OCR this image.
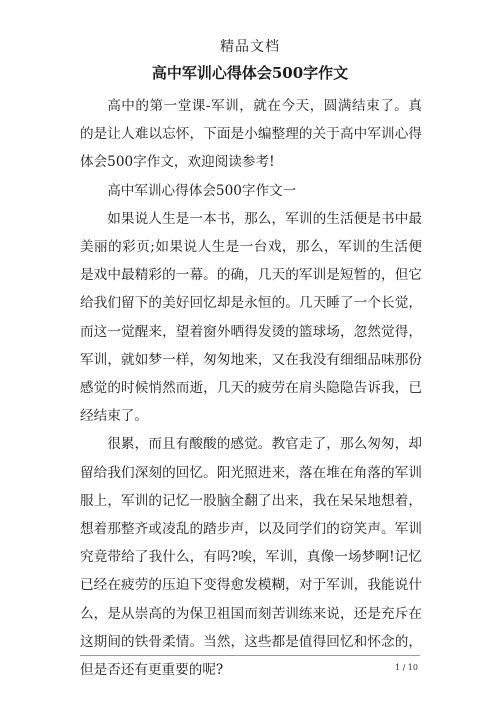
精品文档
高中军训心得体会500字作文

高中的第一堂课-军训，就在今天，圆满结束了。真的是让人难以忘怀，下面是小编整理的关于高中军训心得体会500字作文，欢迎阅读参考!

高中军训心得体会500字作文一

如果说人生是一本书，那么，军训的生活便是书中最美丽的彩页;如果说人生是一台戏，那么，军训的生活便是戏中最精彩的一幕。的确，几天的军训是短暂的，但它给我们留下的美好回忆却是永恒的。几天睡了一个长觉，而这一觉醒来，望着窗外晒得发烫的篮球场，忽然觉得，军训，就如梦一样，匆匆地来，又在我没有细细品味那份感觉的时候悄然而逝，几天的疲劳在肩头隐隐告诉我，已经结束了。

很累，而且有酸酸的感觉。教官走了，那么匆匆，却留给我们深刻的回忆。阳光照进来，落在堆在角落的军训服上，军训的记忆一股脑全翻了出来，我在呆呆地想着，想着那整齐或凌乱的踏步声，以及同学们的窃笑声。军训究竟带给了我什么，有吗?唉，军训，真像一场梦啊!记忆已经在疲劳的压迫下变得愈发模糊，对于军训，我能说什么，是从崇高的为保卫祖国而刻苦训练来说，还是充斥在这期间的铁骨柔情。当然，这些都是值得回忆和怀念的，但是否还有更重要的呢?	1 / 10
